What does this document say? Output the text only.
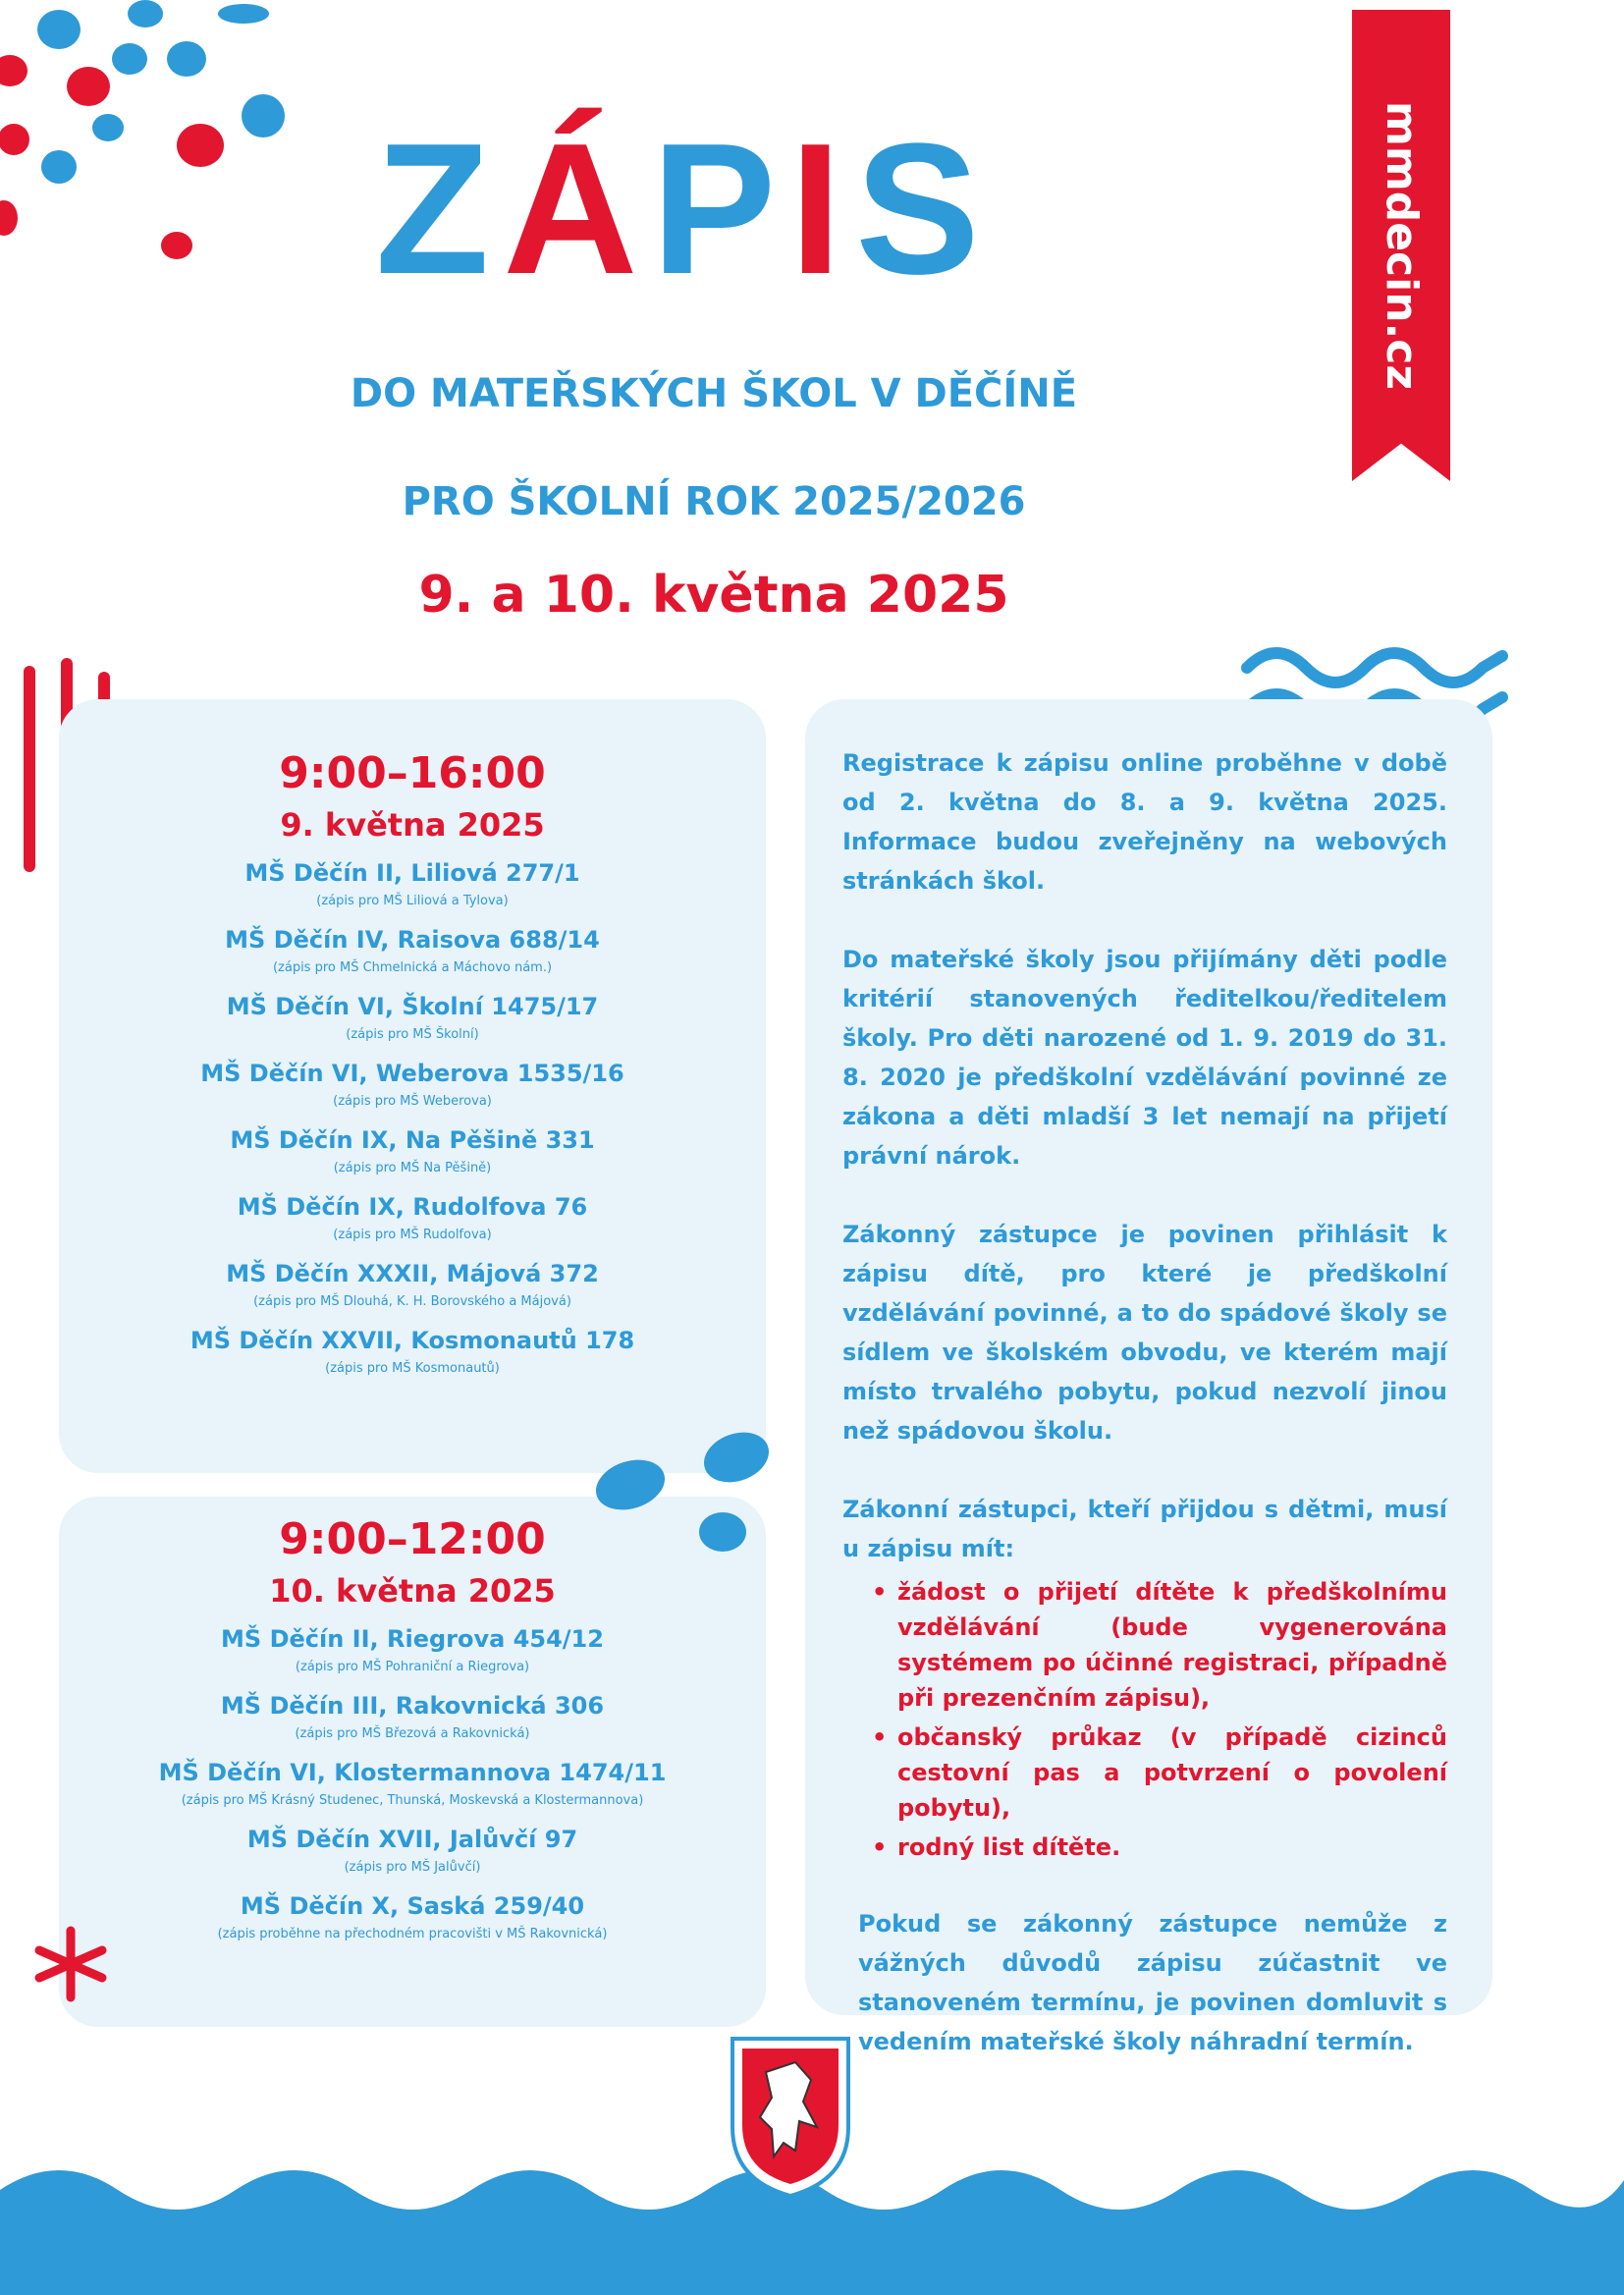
mmdecin.cz
ZÁPIS
DO MATEŘSKÝCH ŠKOL V DĚČÍNĚ
PRO ŠKOLNÍ ROK 2025/2026
9. a 10. května 2025
9:00–16:00
9. května 2025
MŠ Děčín II, Liliová 277/1
(zápis pro MŠ Liliová a Tylova)
MŠ Děčín IV, Raisova 688/14
(zápis pro MŠ Chmelnická a Máchovo nám.)
MŠ Děčín VI, Školní 1475/17
(zápis pro MŠ Školní)
MŠ Děčín VI, Weberova 1535/16
(zápis pro MŠ Weberova)
MŠ Děčín IX, Na Pěšině 331
(zápis pro MŠ Na Pěšině)
MŠ Děčín IX, Rudolfova 76
(zápis pro MŠ Rudolfova)
MŠ Děčín XXXII, Májová 372
(zápis pro MŠ Dlouhá, K. H. Borovského a Májová)
MŠ Děčín XXVII, Kosmonautů 178
(zápis pro MŠ Kosmonautů)
9:00–12:00
10. května 2025
MŠ Děčín II, Riegrova 454/12
(zápis pro MŠ Pohraniční a Riegrova)
MŠ Děčín III, Rakovnická 306
(zápis pro MŠ Březová a Rakovnická)
MŠ Děčín VI, Klostermannova 1474/11
(zápis pro MŠ Krásný Studenec, Thunská, Moskevská a Klostermannova)
MŠ Děčín XVII, Jalůvčí 97
(zápis pro MŠ Jalůvčí)
MŠ Děčín X, Saská 259/40
(zápis proběhne na přechodném pracovišti v MŠ Rakovnická)

Registrace k zápisu online proběhne v době od 2. května do 8. a 9. května 2025. Informace budou zveřejněny na webových stránkách škol.

Do mateřské školy jsou přijímány děti podle kritérií stanovených ředitelkou/ředitelem školy. Pro děti narozené od 1. 9. 2019 do 31. 8. 2020 je předškolní vzdělávání povinné ze zákona a děti mladší 3 let nemají na přijetí právní nárok.

Zákonný zástupce je povinen přihlásit k zápisu dítě, pro které je předškolní vzdělávání povinné, a to do spádové školy se sídlem ve školském obvodu, ve kterém mají místo trvalého pobytu, pokud nezvolí jinou než spádovou školu.

Zákonní zástupci, kteří přijdou s dětmi, musí u zápisu mít:

• žádost o přijetí dítěte k předškolnímu vzdělávání (bude vygenerována systémem po účinné registraci, případně při prezenčním zápisu),
• občanský průkaz (v případě cizinců cestovní pas a potvrzení o povolení pobytu),
• rodný list dítěte.

Pokud se zákonný zástupce nemůže z vážných důvodů zápisu zúčastnit ve stanoveném termínu, je povinen domluvit s vedením mateřské školy náhradní termín.
